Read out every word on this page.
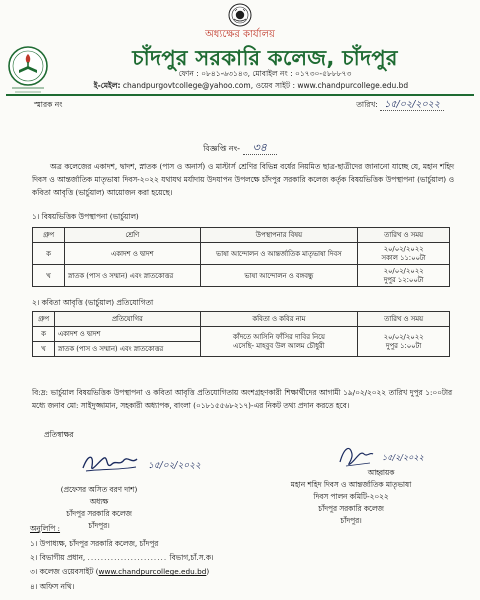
অধ্যক্ষের কার্যালয়
চাঁদপুর সরকারি কলেজ, চাঁদপুর
ফোন : ০৮৪১-৬৩১৪৩, মোবাইল নং : ০১৭৩০-৫৮৮৮৭৩
ই-মেইল: chandpurgovtcollege@yahoo.com, ওয়েব সাইট : www.chandpurcollege.edu.bd
স্মারক নং	তারিখ: ১৫/০২/২০২২
বিজ্ঞপ্তি নং- ৩৪

অত্র কলেজের একাদশ, দ্বাদশ, স্নাতক (পাস ও অনার্স) ও মাস্টার্স শ্রেণির বিভিন্ন বর্ষের নিয়মিত ছাত্র-ছাত্রীদের জানানো যাচ্ছে যে, মহান শহিদ দিবস ও আন্তর্জাতিক মাতৃভাষা দিবস-২০২২ যথাযথ মর্যাদায় উদযাপন উপলক্ষে চাঁদপুর সরকারি কলেজ কর্তৃক বিষয়ভিত্তিক উপস্থাপনা (ভার্চুয়াল) ও কবিতা আবৃত্তি (ভার্চুয়াল) আয়োজন করা হয়েছে।

১। বিষয়ভিত্তিক উপস্থাপনা (ভার্চুয়াল)
গ্রুপ	শ্রেণি	উপস্থাপনার বিষয়	তারিখ ও সময়
ক	একাদশ ও দ্বাদশ	ভাষা আন্দোলন ও আন্তর্জাতিক মাতৃভাষা দিবস	২০/০২/২০২২
সকাল ১১:০০টা

খ	স্নাতক (পাস ও সম্মান) এবং স্নাতকোত্তর	ভাষা আন্দোলন ও বঙ্গবন্ধু	২০/০২/২০২২
দুপুর ১২:০০টা
২। কবিতা আবৃত্তি (ভার্চুয়াল) প্রতিযোগিতা
গ্রুপ	প্রতিযোগির	কবিতা ও কবির নাম	তারিখ ও সময়
ক	একাদশ ও দ্বাদশ	কাঁদতে আসিনি ফাঁসির দাবির নিয়ে
এসেছি- মাহবুব উল আলম চৌধুরী	২০/০২/২০২২
দুপুর ১:০০টা

খ	স্নাতক (পাস ও সম্মান) এবং স্নাতকোত্তর		

বি:দ্র: ভার্চুয়াল বিষয়ভিত্তিক উপস্থাপনা ও কবিতা আবৃত্তি প্রতিযোগিতায় অংশগ্রহণকারী শিক্ষার্থীদের আগামী ১৯/০২/২০২২ তারিখ দুপুর ১:০০টার মধ্যে জনাব মো: সাইদুজ্জামান, সহকারী অধ্যাপক, বাংলা (০১৮১৫৫৬৮২১৭)-এর নিকট তথ্য প্রদান করতে হবে।

প্রতিস্বাক্ষর
১৫/০২/২০২২
(প্রফেসর অসিত বরণ দাশ)
অধ্যক্ষ
চাঁদপুর সরকারি কলেজ
চাঁদপুর।
১৫/২/২০২২
আহ্বায়ক
মহান শহিদ দিবস ও আন্তর্জাতিক মাতৃভাষা
দিবস পালন কমিটি-২০২২
চাঁদপুর সরকারি কলেজ
চাঁদপুর।
অনুলিপি :
১। উপাধ্যক্ষ, চাঁদপুর সরকারি কলেজ, চাঁদপুর
২। বিভাগীয় প্রধান, ........................ বিভাগ,চাঁ.স.ক।
৩। কলেজ ওয়েবসাইট (www.chandpurcollege.edu.bd)
৪। অফিস নথি।
